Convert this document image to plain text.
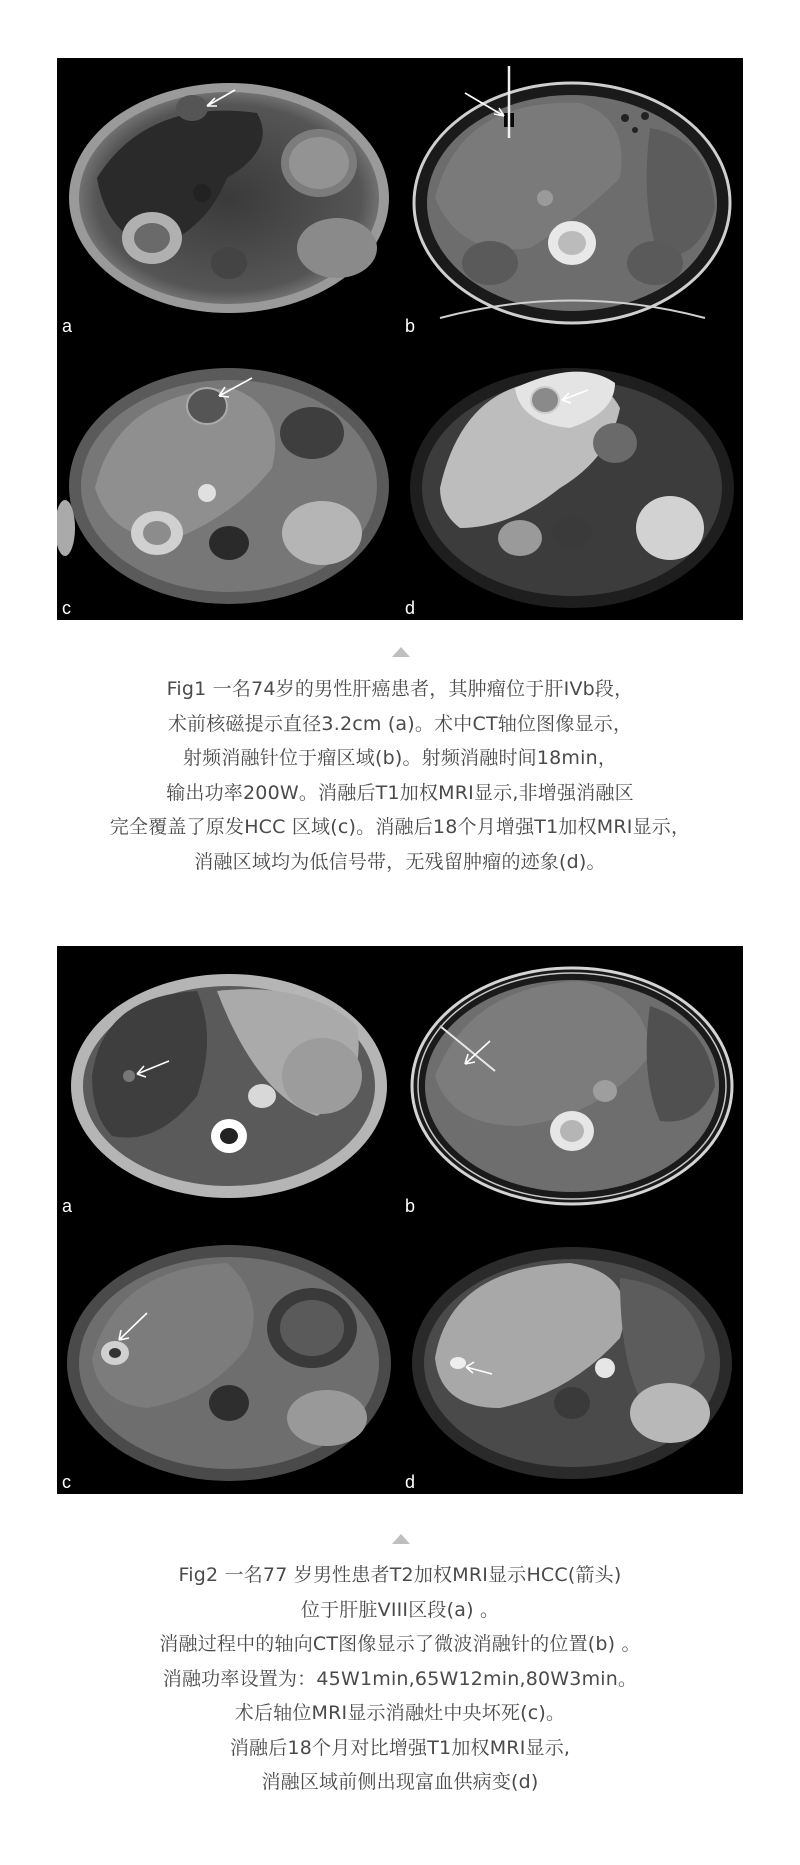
a	b
c	d
Fig1 一名74岁的男性肝癌患者，其肿瘤位于肝IVb段，
术前核磁提示直径3.2cm (a)。术中CT轴位图像显示，
射频消融针位于瘤区域(b)。射频消融时间18min，
输出功率200W。消融后T1加权MRI显示,非增强消融区
完全覆盖了原发HCC 区域(c)。消融后18个月增强T1加权MRI显示，
消融区域均为低信号带，无残留肿瘤的迹象(d)。
a	b
c	d
Fig2 一名77 岁男性患者T2加权MRI显示HCC(箭头)
位于肝脏VIII区段(a) 。
消融过程中的轴向CT图像显示了微波消融针的位置(b) 。
消融功率设置为：45W1min,65W12min,80W3min。
术后轴位MRI显示消融灶中央坏死(c)。
消融后18个月对比增强T1加权MRI显示,
消融区域前侧出现富血供病变(d)
